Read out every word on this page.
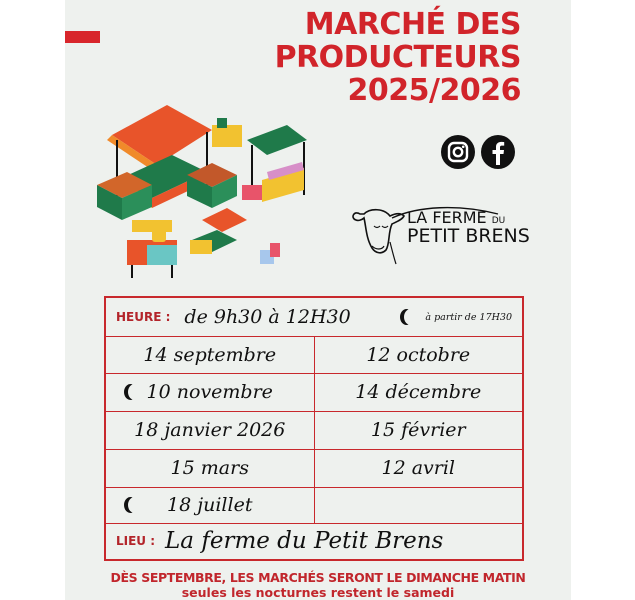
MARCHÉ DES
PRODUCTEURS
2025/2026
LA FERME DU
PETIT BRENS
HEURE : de 9h30 à 12H30	à partir de 17H30
14 septembre	12 octobre
10 novembre	14 décembre
18 janvier 2026	15 février
15 mars	12 avril
18 juillet
LIEU : La ferme du Petit Brens
DÈS SEPTEMBRE, LES MARCHÉS SERONT LE DIMANCHE MATIN
seules les nocturnes restent le samedi
